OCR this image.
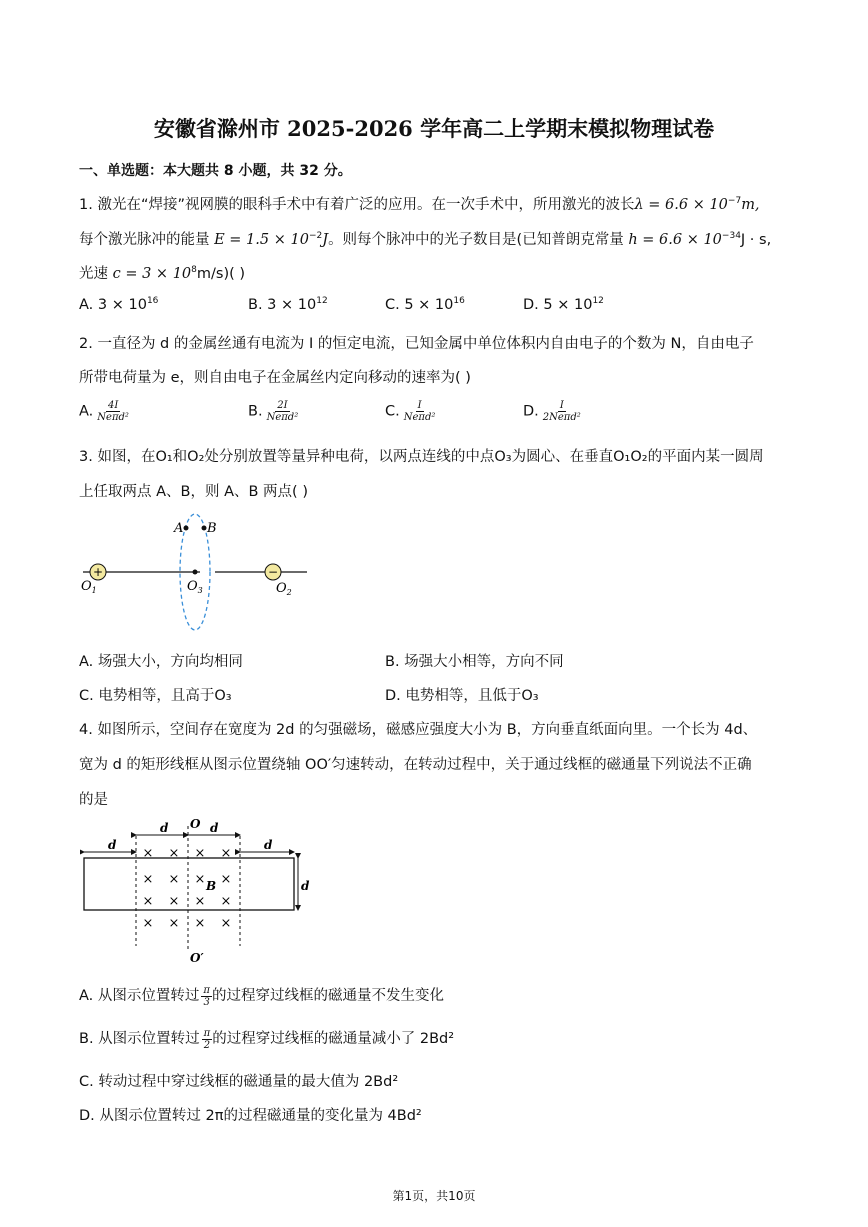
安徽省滁州市 2025-2026 学年高二上学期末模拟物理试卷
一、单选题：本大题共 8 小题，共 32 分。
1. 激光在“焊接”视网膜的眼科手术中有着广泛的应用。在一次手术中，所用激光的波长$\lambda = 6.6 \times 10^{-7}m$,
每个激光脉冲的能量 $E = 1.5 \times 10^{-2}J$。则每个脉冲中的光子数目是(已知普朗克常量 $h = 6.6 \times 10^{-34}J \cdot s$,
光速 $c = 3 \times 10^8m/s$)( )
A. $3 \times 10^{16}$	B. $3 \times 10^{12}$	C. $5 \times 10^{16}$	D. $5 \times 10^{12}$
2. 一直径为 d 的金属丝通有电流为 I 的恒定电流，已知金属中单位体积内自由电子的个数为 N，自由电子
所带电荷量为 e，则自由电子在金属丝内定向移动的速率为( )
A. $\frac{4I}{\text{Neπd²}}$	B. $\frac{2I}{\text{Neπd²}}$	C. $\frac{I}{\text{Neπd²}}$	D. $\frac{I}{\text{2Neπd²}}$
3. 如图，在O₁和O₂处分别放置等量异种电荷，以两点连线的中点O₃为圆心、在垂直O₁O₂的平面内某一圆周
上任取两点 A、B，则 A、B 两点( )
+	−
A B
$O_1$	$O_3$	$O_2$
A. 场强大小，方向均相同	B. 场强大小相等，方向不同
C. 电势相等，且高于O₃	D. 电势相等，且低于O₃
4. 如图所示，空间存在宽度为 2d 的匀强磁场，磁感应强度大小为 B，方向垂直纸面向里。一个长为 4d、
宽为 d 的矩形线框从图示位置绕轴 OO′匀速转动，在转动过程中，关于通过线框的磁通量下列说法不正确
的是
d
d	d
d
d
O
O′
B
× × × ×
× × × ×
× × × ×
× × × ×
A. 从图示位置转过 $\frac{\pi}{3}$ 的过程穿过线框的磁通量不发生变化
B. 从图示位置转过 $\frac{\pi}{2}$ 的过程穿过线框的磁通量减小了 2Bd²
C. 转动过程中穿过线框的磁通量的最大值为 2Bd²
D. 从图示位置转过 2π的过程磁通量的变化量为 4Bd²
第1页，共10页
